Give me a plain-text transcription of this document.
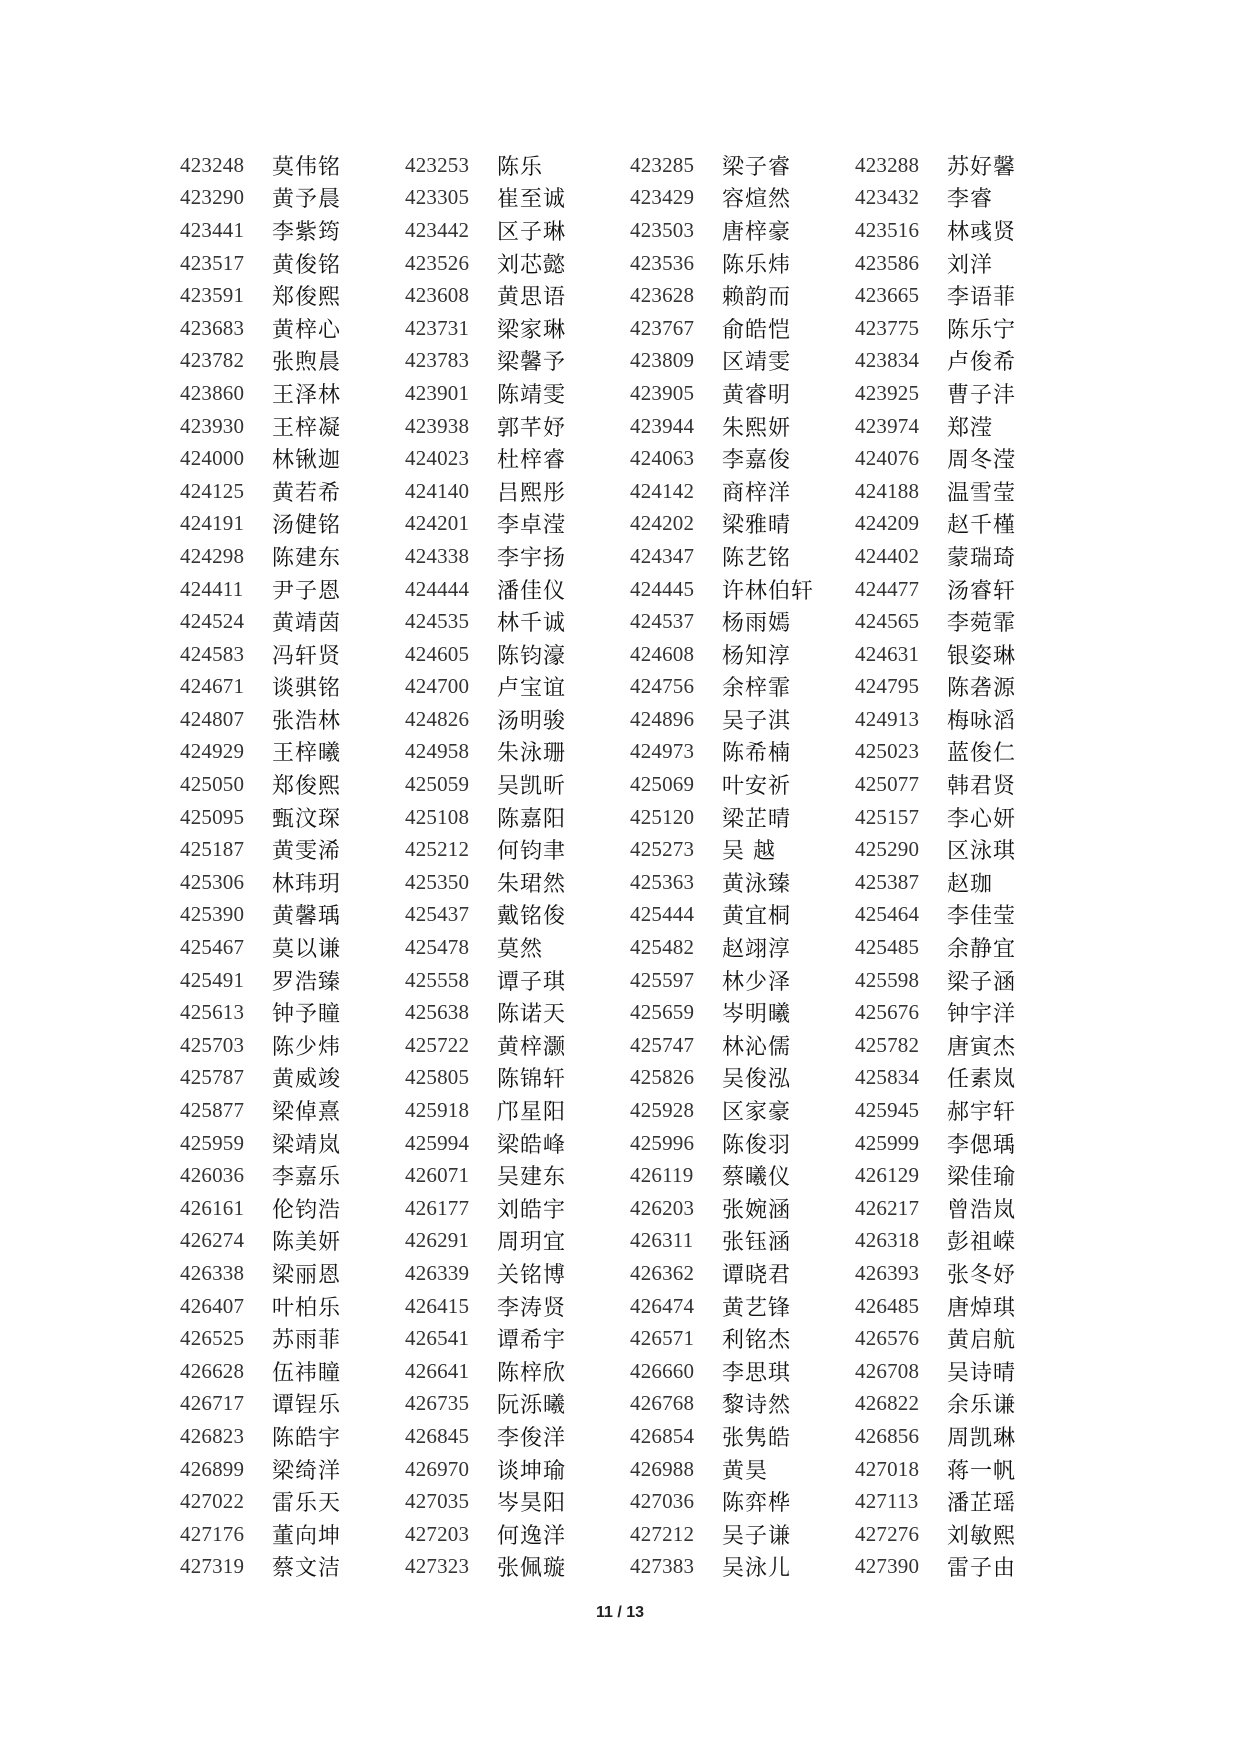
423248	莫伟铭	423253	陈乐	423285	梁子睿	423288	苏好馨
423290	黄予晨	423305	崔至诚	423429	容煊然	423432	李睿
423441	李紫筠	423442	区子琳	423503	唐梓豪	423516	林彧贤
423517	黄俊铭	423526	刘芯懿	423536	陈乐炜	423586	刘洋
423591	郑俊熙	423608	黄思语	423628	赖韵而	423665	李语菲
423683	黄梓心	423731	梁家琳	423767	俞皓恺	423775	陈乐宁
423782	张煦晨	423783	梁馨予	423809	区靖雯	423834	卢俊希
423860	王泽林	423901	陈靖雯	423905	黄睿明	423925	曹子沣
423930	王梓凝	423938	郭芊妤	423944	朱熙妍	423974	郑滢
424000	林锹迦	424023	杜梓睿	424063	李嘉俊	424076	周冬滢
424125	黄若希	424140	吕熙彤	424142	商梓洋	424188	温雪莹
424191	汤健铭	424201	李卓滢	424202	梁雅晴	424209	赵千槿
424298	陈建东	424338	李宇扬	424347	陈艺铭	424402	蒙瑞琦
424411	尹子恩	424444	潘佳仪	424445	许林伯轩 424477	汤睿轩
424524	黄靖茵	424535	林千诚	424537	杨雨嫣	424565	李菀霏
424583	冯轩贤	424605	陈钧濠	424608	杨知淳	424631	银姿琳
424671	谈骐铭	424700	卢宝谊	424756	余梓霏	424795	陈砻源
424807	张浩林	424826	汤明骏	424896	吴子淇	424913	梅咏滔
424929	王梓曦	424958	朱泳珊	424973	陈希楠	425023	蓝俊仁
425050	郑俊熙	425059	吴凯昕	425069	叶安祈	425077	韩君贤
425095	甄汶琛	425108	陈嘉阳	425120	梁芷晴	425157	李心妍
425187	黄雯浠	425212	何钧聿	425273	吴 越	425290	区泳琪
425306	林玮玥	425350	朱珺然	425363	黄泳臻	425387	赵珈
425390	黄馨瑀	425437	戴铭俊	425444	黄宜桐	425464	李佳莹
425467	莫以谦	425478	莫然	425482	赵翊淳	425485	余静宜
425491	罗浩臻	425558	谭子琪	425597	林少泽	425598	梁子涵
425613	钟予瞳	425638	陈诺天	425659	岑明曦	425676	钟宇洋
425703	陈少炜	425722	黄梓灏	425747	林沁儒	425782	唐寅杰
425787	黄威竣	425805	陈锦轩	425826	吴俊泓	425834	任素岚
425877	梁倬熹	425918	邝星阳	425928	区家豪	425945	郝宇轩
425959	梁靖岚	425994	梁皓峰	425996	陈俊羽	425999	李偲瑀
426036	李嘉乐	426071	吴建东	426119	蔡曦仪	426129	梁佳瑜
426161	伦钧浩	426177	刘皓宇	426203	张婉涵	426217	曾浩岚
426274	陈美妍	426291	周玥宜	426311	张钰涵	426318	彭祖嵘
426338	梁丽恩	426339	关铭博	426362	谭晓君	426393	张冬妤
426407	叶柏乐	426415	李涛贤	426474	黄艺锋	426485	唐焯琪
426525	苏雨菲	426541	谭希宇	426571	利铭杰	426576	黄启航
426628	伍祎瞳	426641	陈梓欣	426660	李思琪	426708	吴诗晴
426717	谭锃乐	426735	阮泺曦	426768	黎诗然	426822	余乐谦
426823	陈皓宇	426845	李俊洋	426854	张隽皓	426856	周凯琳
426899	梁绮洋	426970	谈坤瑜	426988	黄昊	427018	蒋一帆
427022	雷乐天	427035	岑昊阳	427036	陈弈桦	427113	潘芷瑶
427176	董向坤	427203	何逸洋	427212	吴子谦	427276	刘敏熙
427319	蔡文洁	427323	张佩璇	427383	吴泳儿	427390	雷子由
11 / 13
